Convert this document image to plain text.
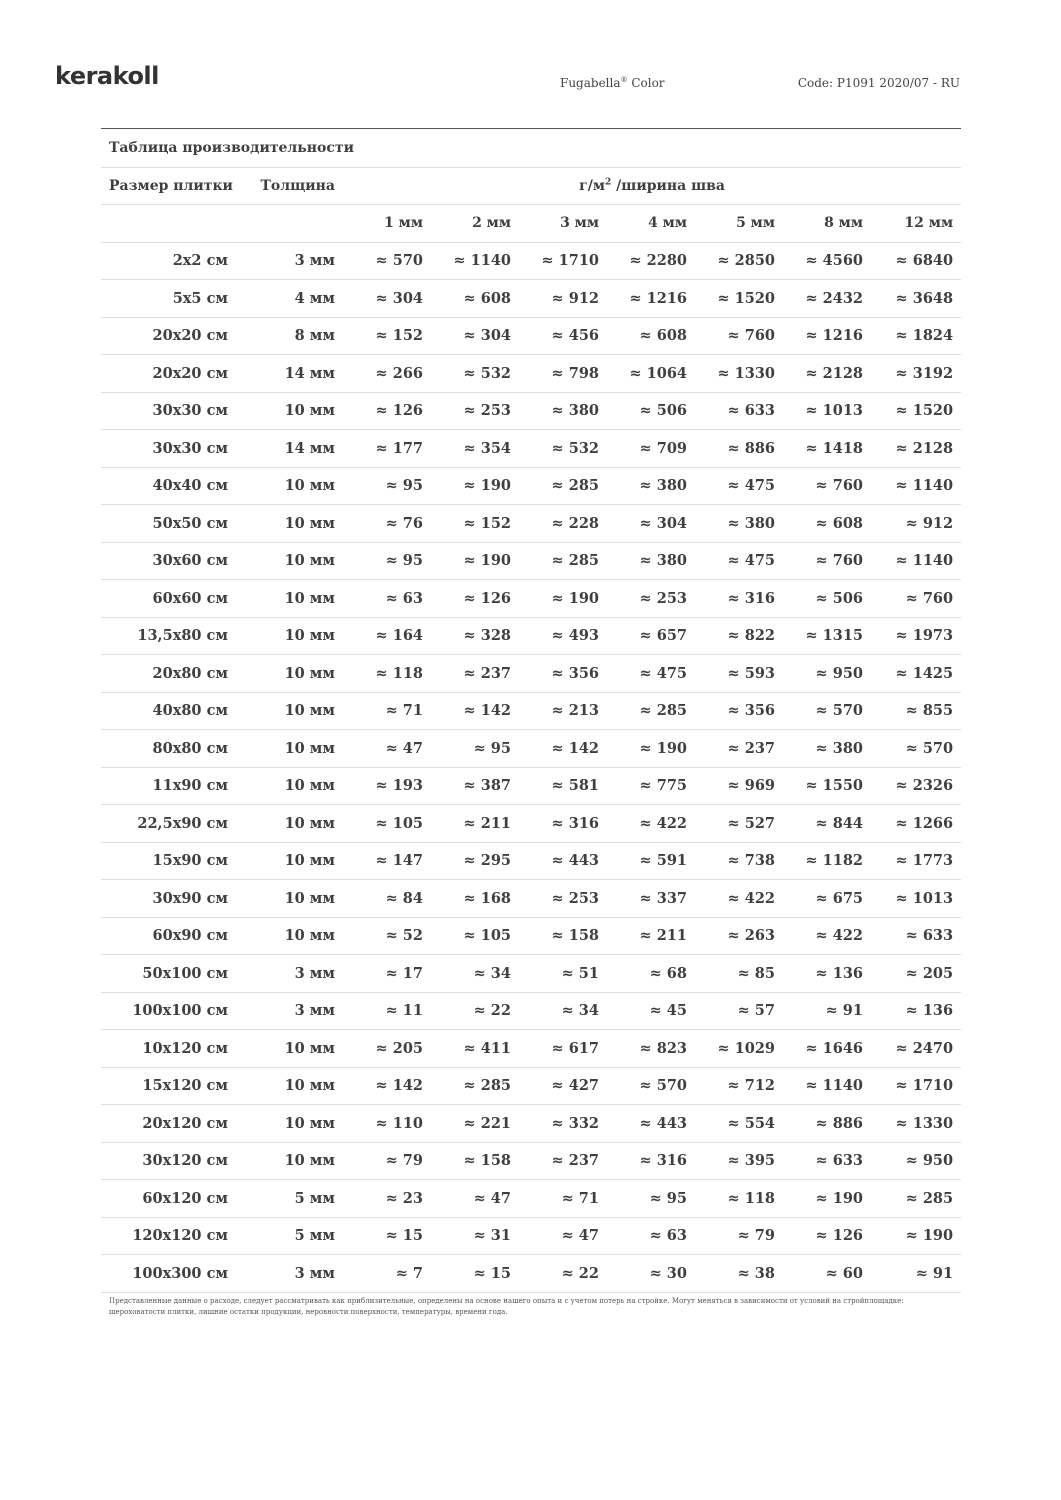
kerakoll	Fugabella® Color	Code: P1091 2020/07 - RU
Таблица производительности								
Размер плитки	Толщина	$г/м^2$ /ширина шва						
		1 мм	2 мм	3 мм	4 мм	5 мм	8 мм	12 мм
2x2 см	3 мм	≈ 570	≈ 1140	≈ 1710	≈ 2280	≈ 2850	≈ 4560	≈ 6840
5x5 см	4 мм	≈ 304	≈ 608	≈ 912	≈ 1216	≈ 1520	≈ 2432	≈ 3648
20x20 см	8 мм	≈ 152	≈ 304	≈ 456	≈ 608	≈ 760	≈ 1216	≈ 1824
20x20 см	14 мм	≈ 266	≈ 532	≈ 798	≈ 1064	≈ 1330	≈ 2128	≈ 3192
30x30 см	10 мм	≈ 126	≈ 253	≈ 380	≈ 506	≈ 633	≈ 1013	≈ 1520
30x30 см	14 мм	≈ 177	≈ 354	≈ 532	≈ 709	≈ 886	≈ 1418	≈ 2128
40x40 см	10 мм	≈ 95	≈ 190	≈ 285	≈ 380	≈ 475	≈ 760	≈ 1140
50x50 см	10 мм	≈ 76	≈ 152	≈ 228	≈ 304	≈ 380	≈ 608	≈ 912
30x60 см	10 мм	≈ 95	≈ 190	≈ 285	≈ 380	≈ 475	≈ 760	≈ 1140
60x60 см	10 мм	≈ 63	≈ 126	≈ 190	≈ 253	≈ 316	≈ 506	≈ 760
13,5x80 см	10 мм	≈ 164	≈ 328	≈ 493	≈ 657	≈ 822	≈ 1315	≈ 1973
20x80 см	10 мм	≈ 118	≈ 237	≈ 356	≈ 475	≈ 593	≈ 950	≈ 1425
40x80 см	10 мм	≈ 71	≈ 142	≈ 213	≈ 285	≈ 356	≈ 570	≈ 855
80x80 см	10 мм	≈ 47	≈ 95	≈ 142	≈ 190	≈ 237	≈ 380	≈ 570
11x90 см	10 мм	≈ 193	≈ 387	≈ 581	≈ 775	≈ 969	≈ 1550	≈ 2326
22,5x90 см	10 мм	≈ 105	≈ 211	≈ 316	≈ 422	≈ 527	≈ 844	≈ 1266
15x90 см	10 мм	≈ 147	≈ 295	≈ 443	≈ 591	≈ 738	≈ 1182	≈ 1773
30x90 см	10 мм	≈ 84	≈ 168	≈ 253	≈ 337	≈ 422	≈ 675	≈ 1013
60x90 см	10 мм	≈ 52	≈ 105	≈ 158	≈ 211	≈ 263	≈ 422	≈ 633
50x100 см	3 мм	≈ 17	≈ 34	≈ 51	≈ 68	≈ 85	≈ 136	≈ 205
100x100 см	3 мм	≈ 11	≈ 22	≈ 34	≈ 45	≈ 57	≈ 91	≈ 136
10x120 см	10 мм	≈ 205	≈ 411	≈ 617	≈ 823	≈ 1029	≈ 1646	≈ 2470
15x120 см	10 мм	≈ 142	≈ 285	≈ 427	≈ 570	≈ 712	≈ 1140	≈ 1710
20x120 см	10 мм	≈ 110	≈ 221	≈ 332	≈ 443	≈ 554	≈ 886	≈ 1330
30x120 см	10 мм	≈ 79	≈ 158	≈ 237	≈ 316	≈ 395	≈ 633	≈ 950
60x120 см	5 мм	≈ 23	≈ 47	≈ 71	≈ 95	≈ 118	≈ 190	≈ 285
120x120 см	5 мм	≈ 15	≈ 31	≈ 47	≈ 63	≈ 79	≈ 126	≈ 190
100x300 см	3 мм	≈ 7	≈ 15	≈ 22	≈ 30	≈ 38	≈ 60	≈ 91
Представленные данные о расходе, следует рассматривать как приблизительные, определены на основе нашего опыта и с учетом потерь на стройке. Могут меняться в зависимости от условий на стройплощадке: шероховатости плитки, лишние остатки продукции, неровности поверхности, температуры, времени года.
